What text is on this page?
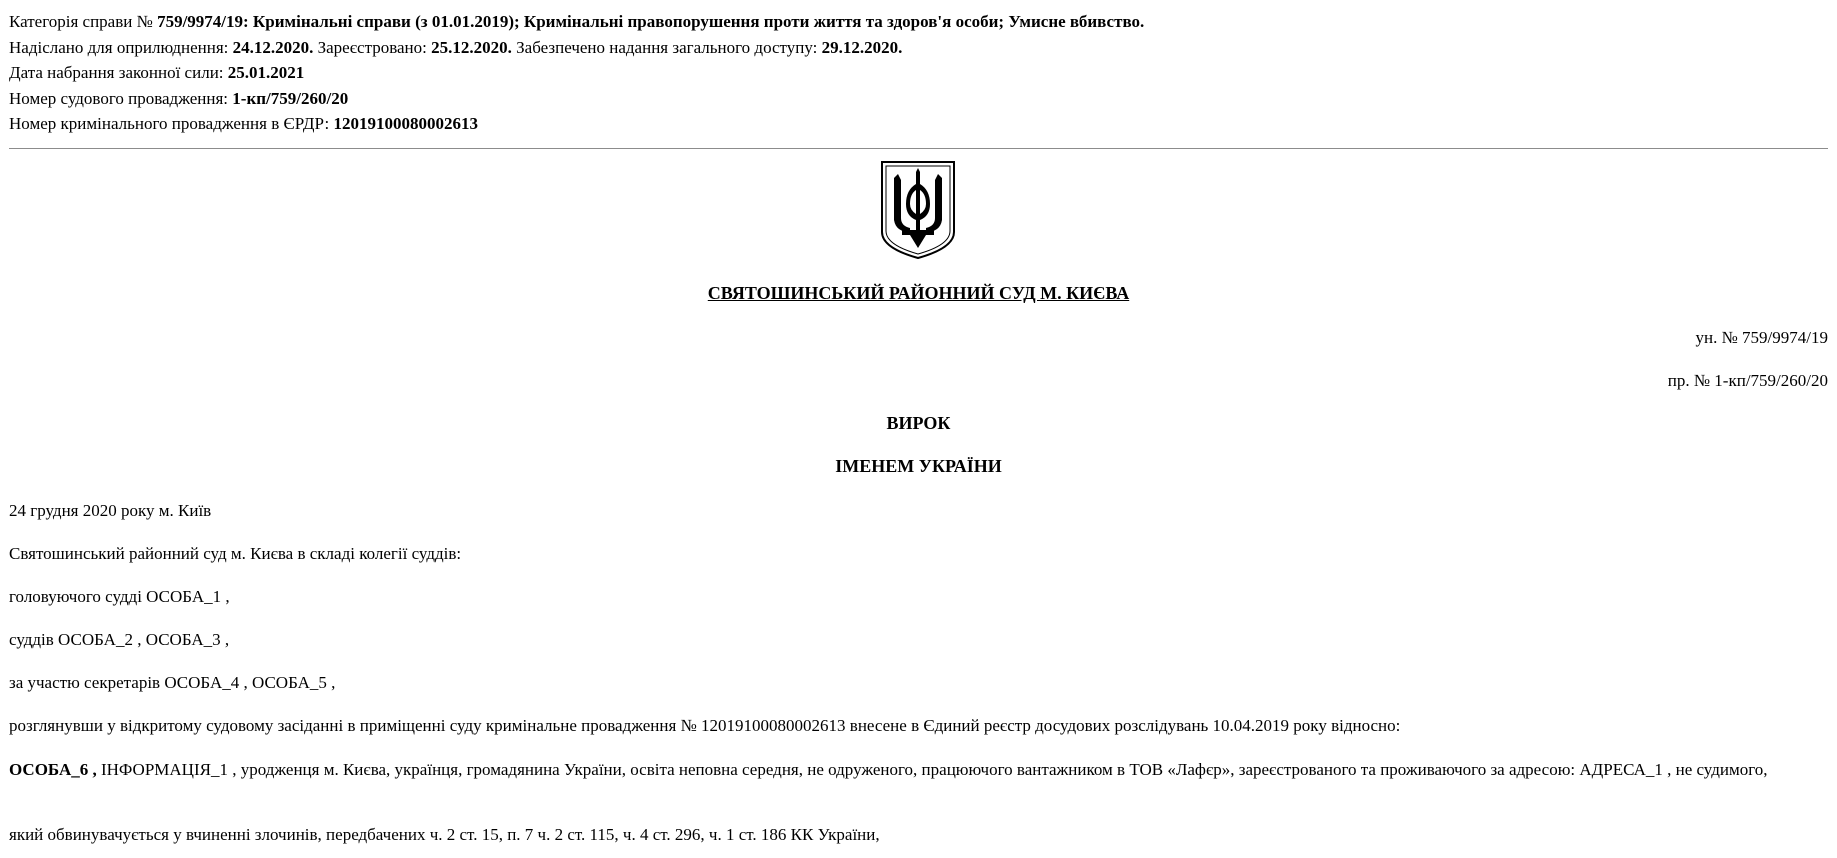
Категорія справи № 759/9974/19: Кримінальні справи (з 01.01.2019); Кримінальні правопорушення проти життя та здоров'я особи; Умисне вбивство.
Надіслано для оприлюднення: 24.12.2020. Зареєстровано: 25.12.2020. Забезпечено надання загального доступу: 29.12.2020.
Дата набрання законної сили: 25.01.2021
Номер судового провадження: 1-кп/759/260/20
Номер кримінального провадження в ЄРДР: 12019100080002613

СВЯТОШИНСЬКИЙ РАЙОННИЙ СУД М. КИЄВА

ун. № 759/9974/19

пр. № 1-кп/759/260/20

ВИРОК

ІМЕНЕМ УКРАЇНИ

24 грудня 2020 року м. Київ

Святошинський районний суд м. Києва в складі колегії суддів:

головуючого судді ОСОБА_1 ,

суддів ОСОБА_2 , ОСОБА_3 ,

за участю секретарів ОСОБА_4 , ОСОБА_5 ,

розглянувши у відкритому судовому засіданні в приміщенні суду кримінальне провадження № 12019100080002613 внесене в Єдиний реєстр досудових розслідувань 10.04.2019 року відносно:

ОСОБА_6 , ІНФОРМАЦІЯ_1 , уродженця м. Києва, українця, громадянина України, освіта неповна середня, не одруженого, працюючого вантажником в ТОВ «Лафєр», зареєстрованого та проживаючого за адресою: АДРЕСА_1 , не судимого,

який обвинувачується у вчиненні злочинів, передбачених ч. 2 ст. 15, п. 7 ч. 2 ст. 115, ч. 4 ст. 296, ч. 1 ст. 186 КК України,
